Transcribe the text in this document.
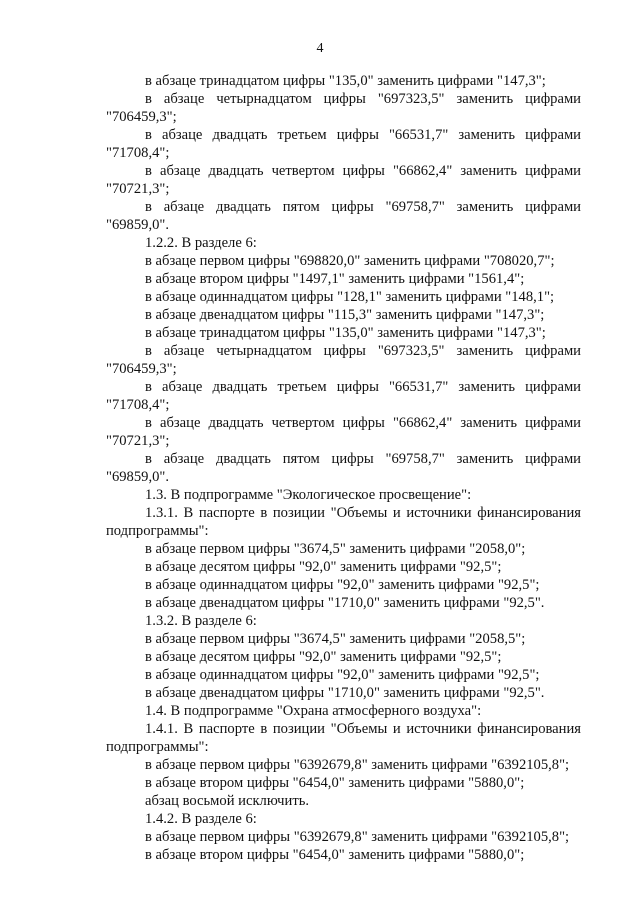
4
в абзаце тринадцатом цифры "135,0" заменить цифрами "147,3";
в абзаце четырнадцатом цифры "697323,5" заменить цифрами "706459,3";
в абзаце двадцать третьем цифры "66531,7" заменить цифрами "71708,4";
в абзаце двадцать четвертом цифры "66862,4" заменить цифрами "70721,3";
в абзаце двадцать пятом цифры "69758,7" заменить цифрами "69859,0".
1.2.2. В разделе 6:
в абзаце первом цифры "698820,0" заменить цифрами "708020,7";
в абзаце втором цифры "1497,1" заменить цифрами "1561,4";
в абзаце одиннадцатом цифры "128,1" заменить цифрами "148,1";
в абзаце двенадцатом цифры "115,3" заменить цифрами "147,3";
в абзаце тринадцатом цифры "135,0" заменить цифрами "147,3";
в абзаце четырнадцатом цифры "697323,5" заменить цифрами "706459,3";
в абзаце двадцать третьем цифры "66531,7" заменить цифрами "71708,4";
в абзаце двадцать четвертом цифры "66862,4" заменить цифрами "70721,3";
в абзаце двадцать пятом цифры "69758,7" заменить цифрами "69859,0".
1.3. В подпрограмме "Экологическое просвещение":
1.3.1. В паспорте в позиции "Объемы и источники финансирования подпрограммы":
в абзаце первом цифры "3674,5" заменить цифрами "2058,0";
в абзаце десятом цифры "92,0" заменить цифрами "92,5";
в абзаце одиннадцатом цифры "92,0" заменить цифрами "92,5";
в абзаце двенадцатом цифры "1710,0" заменить цифрами "92,5".
1.3.2. В разделе 6:
в абзаце первом цифры "3674,5" заменить цифрами "2058,5";
в абзаце десятом цифры "92,0" заменить цифрами "92,5";
в абзаце одиннадцатом цифры "92,0" заменить цифрами "92,5";
в абзаце двенадцатом цифры "1710,0" заменить цифрами "92,5".
1.4. В подпрограмме "Охрана атмосферного воздуха":
1.4.1. В паспорте в позиции "Объемы и источники финансирования подпрограммы":
в абзаце первом цифры "6392679,8" заменить цифрами "6392105,8";
в абзаце втором цифры "6454,0" заменить цифрами "5880,0";
абзац восьмой исключить.
1.4.2. В разделе 6:
в абзаце первом цифры "6392679,8" заменить цифрами "6392105,8";
в абзаце втором цифры "6454,0" заменить цифрами "5880,0";
